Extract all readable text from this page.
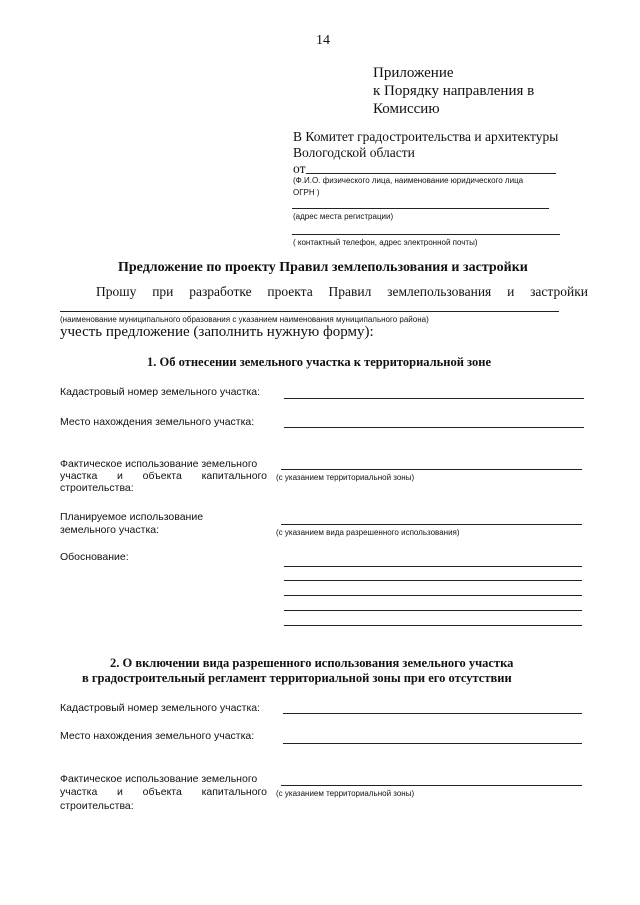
14
Приложение
к Порядку направления в
Комиссию
В Комитет градостроительства и архитектуры
Вологодской области
от
(Ф.И.О. физического лица, наименование юридического лица
ОГРН )
(адрес места регистрации)
( контактный телефон, адрес электронной почты)
Предложение по проекту Правил землепользования и застройки
Прошу при разработке проекта Правил землепользования и застройки
(наименование муниципального образования с указанием наименования муниципального района)
учесть предложение (заполнить нужную форму):
1. Об отнесении земельного участка к территориальной зоне
Кадастровый номер земельного участка:
Место нахождения земельного участка:
Фактическое использование земельного
участка и объекта капитального
строительства:
(с указанием территориальной зоны)
Планируемое использование
земельного участка:	(с указанием вида разрешенного использования)
Обоснование:
2. О включении вида разрешенного использования земельного участка
в градостроительный регламент территориальной зоны при его отсутствии
Кадастровый номер земельного участка:
Место нахождения земельного участка:
Фактическое использование земельного
участка и объекта капитального
строительства:
(с указанием территориальной зоны)
